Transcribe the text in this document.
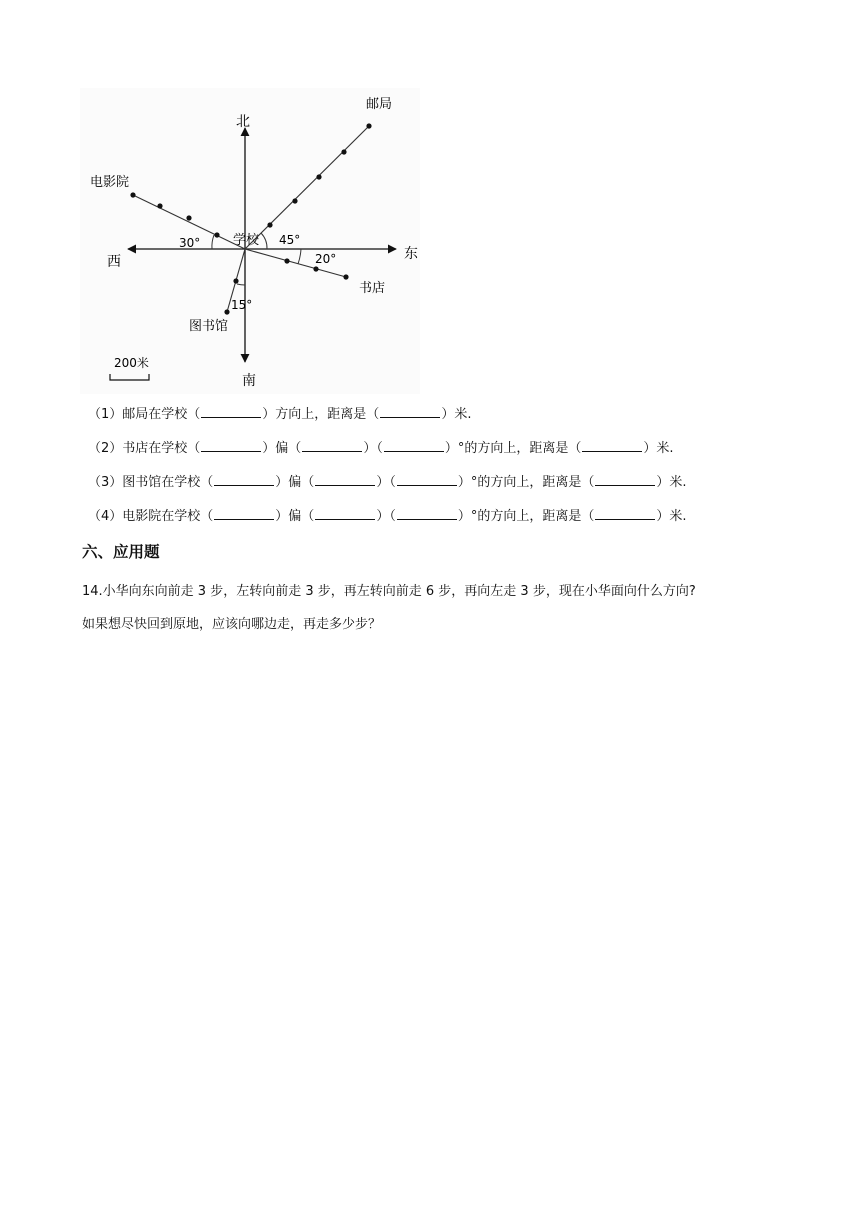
北
南
东
西
学校
邮局
电影院
书店
图书馆
30°	45°
20°
15°
200米
（1）邮局在学校（	）方向上，距离是（	）米.
（2）书店在学校（	）偏（	）（	）°的方向上，距离是（	）米.
（3）图书馆在学校（	）偏（	）（	）°的方向上，距离是（	）米.
（4）电影院在学校（	）偏（	）（	）°的方向上，距离是（	）米.
六、应用题
14.小华向东向前走 3 步，左转向前走 3 步，再左转向前走 6 步，再向左走 3 步，现在小华面向什么方向?
如果想尽快回到原地，应该向哪边走，再走多少步？
